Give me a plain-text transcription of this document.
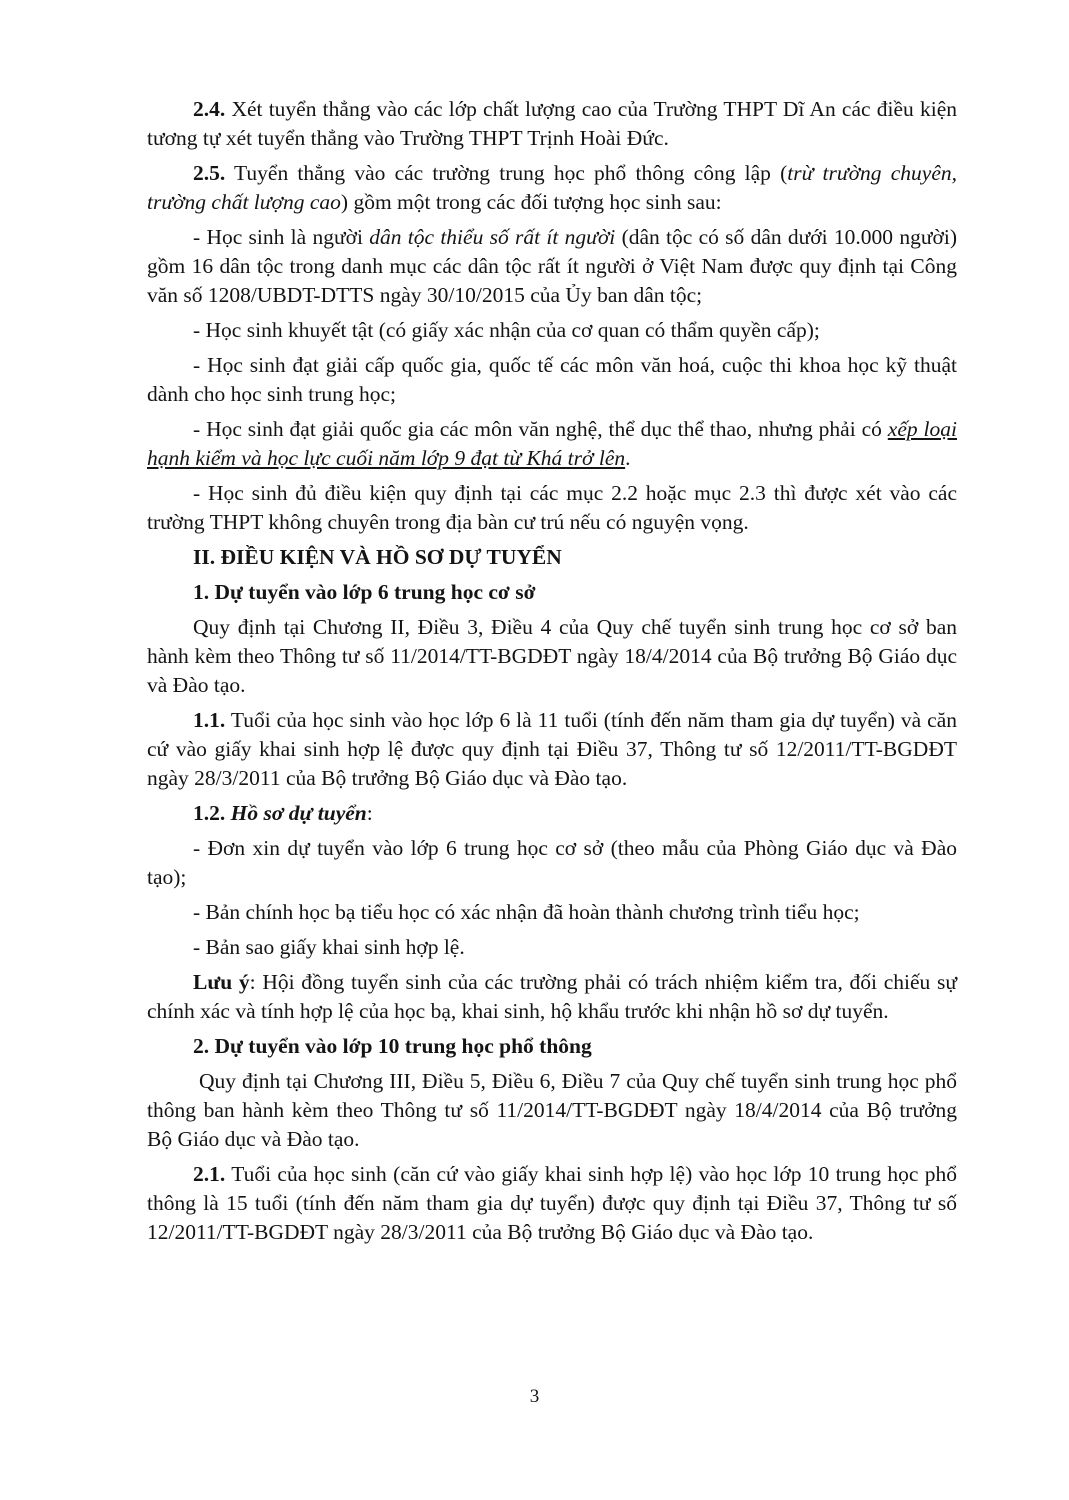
2.4. Xét tuyển thẳng vào các lớp chất lượng cao của Trường THPT Dĩ An các điều kiện tương tự xét tuyển thẳng vào Trường THPT Trịnh Hoài Đức.

2.5. Tuyển thẳng vào các trường trung học phổ thông công lập (trừ trường chuyên, trường chất lượng cao) gồm một trong các đối tượng học sinh sau:

- Học sinh là người dân tộc thiểu số rất ít người (dân tộc có số dân dưới 10.000 người) gồm 16 dân tộc trong danh mục các dân tộc rất ít người ở Việt Nam được quy định tại Công văn số 1208/UBDT-DTTS ngày 30/10/2015 của Ủy ban dân tộc;

- Học sinh khuyết tật (có giấy xác nhận của cơ quan có thẩm quyền cấp);

- Học sinh đạt giải cấp quốc gia, quốc tế các môn văn hoá, cuộc thi khoa học kỹ thuật dành cho học sinh trung học;

- Học sinh đạt giải quốc gia các môn văn nghệ, thể dục thể thao, nhưng phải có xếp loại hạnh kiểm và học lực cuối năm lớp 9 đạt từ Khá trở lên.

- Học sinh đủ điều kiện quy định tại các mục 2.2 hoặc mục 2.3 thì được xét vào các trường THPT không chuyên trong địa bàn cư trú nếu có nguyện vọng.

II. ĐIỀU KIỆN VÀ HỒ SƠ DỰ TUYỂN

1. Dự tuyển vào lớp 6 trung học cơ sở

Quy định tại Chương II, Điều 3, Điều 4 của Quy chế tuyển sinh trung học cơ sở ban hành kèm theo Thông tư số 11/2014/TT-BGDĐT ngày 18/4/2014 của Bộ trưởng Bộ Giáo dục và Đào tạo.

1.1. Tuổi của học sinh vào học lớp 6 là 11 tuổi (tính đến năm tham gia dự tuyển) và căn cứ vào giấy khai sinh hợp lệ được quy định tại Điều 37, Thông tư số 12/2011/TT-BGDĐT ngày 28/3/2011 của Bộ trưởng Bộ Giáo dục và Đào tạo.

1.2. Hồ sơ dự tuyển:

- Đơn xin dự tuyển vào lớp 6 trung học cơ sở (theo mẫu của Phòng Giáo dục và Đào tạo);

- Bản chính học bạ tiểu học có xác nhận đã hoàn thành chương trình tiểu học;

- Bản sao giấy khai sinh hợp lệ.

Lưu ý: Hội đồng tuyển sinh của các trường phải có trách nhiệm kiểm tra, đối chiếu sự chính xác và tính hợp lệ của học bạ, khai sinh, hộ khẩu trước khi nhận hồ sơ dự tuyển.

2. Dự tuyển vào lớp 10 trung học phổ thông

Quy định tại Chương III, Điều 5, Điều 6, Điều 7 của Quy chế tuyển sinh trung học phổ thông ban hành kèm theo Thông tư số 11/2014/TT-BGDĐT ngày 18/4/2014 của Bộ trưởng Bộ Giáo dục và Đào tạo.

2.1. Tuổi của học sinh (căn cứ vào giấy khai sinh hợp lệ) vào học lớp 10 trung học phổ thông là 15 tuổi (tính đến năm tham gia dự tuyển) được quy định tại Điều 37, Thông tư số 12/2011/TT-BGDĐT ngày 28/3/2011 của Bộ trưởng Bộ Giáo dục và Đào tạo.

3
